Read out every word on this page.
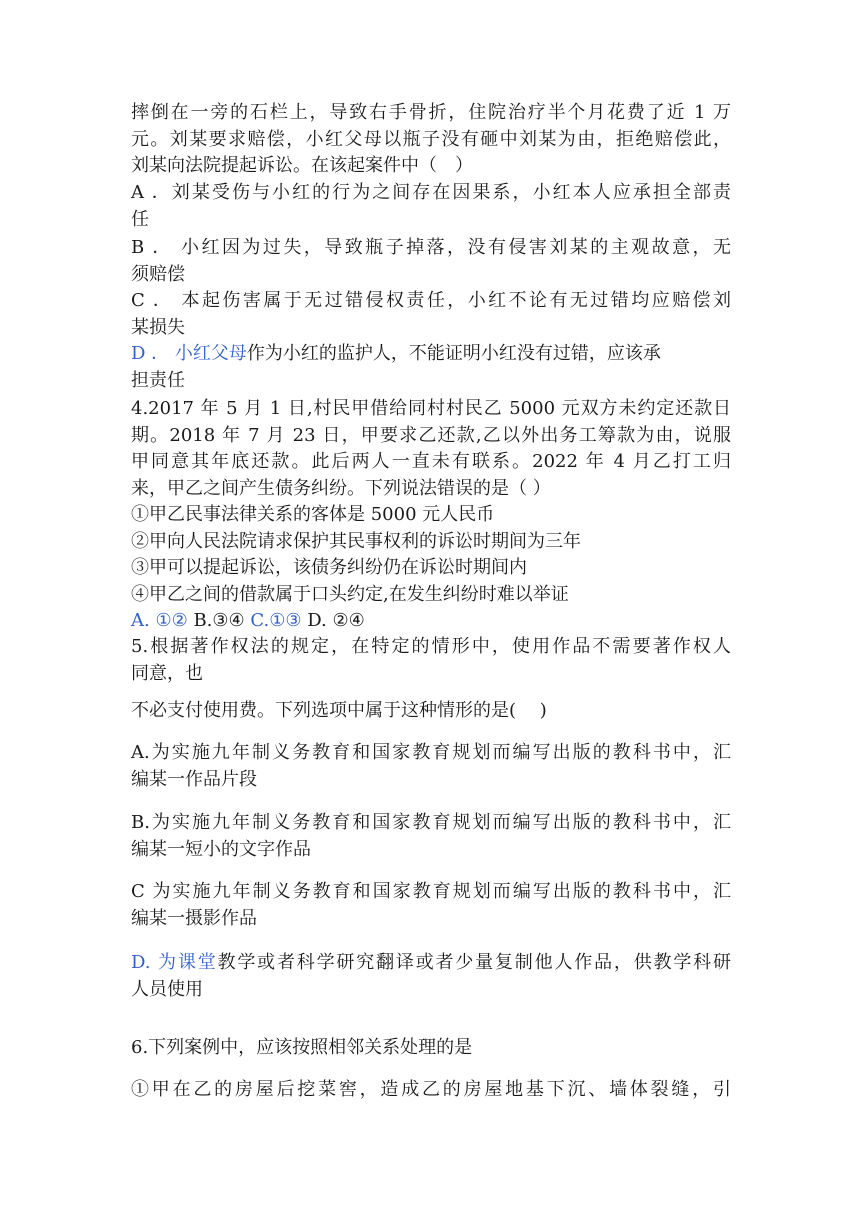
摔倒在一旁的石栏上，导致右手骨折，住院治疗半个月花费了近 1 万
元。刘某要求赔偿，小红父母以瓶子没有砸中刘某为由，拒绝赔偿此，
刘某向法院提起诉讼。在该起案件中（　）
A ．刘某受伤与小红的行为之间存在因果系，小红本人应承担全部责
任
B ． 小红因为过失，导致瓶子掉落，没有侵害刘某的主观故意，无
须赔偿
C ． 本起伤害属于无过错侵权责任，小红不论有无过错均应赔偿刘
某损失
D ． 小红父母作为小红的监护人，不能证明小红没有过错，应该承
担责任
4.2017 年 5 月 1 日,村民甲借给同村村民乙 5000 元双方未约定还款日
期。2018 年 7 月 23 日，甲要求乙还款,乙以外出务工筹款为由，说服
甲同意其年底还款。此后两人一直未有联系。2022 年 4 月乙打工归
来，甲乙之间产生债务纠纷。下列说法错误的是（ ）
①甲乙民事法律关系的客体是 5000 元人民币
②甲向人民法院请求保护其民事权利的诉讼时期间为三年
③甲可以提起诉讼，该债务纠纷仍在诉讼时期间内
④甲乙之间的借款属于口头约定,在发生纠纷时难以举证
A. ①② B.③④ C.①③ D. ②④
5.根据著作权法的规定，在特定的情形中，使用作品不需要著作权人
同意，也
不必支付使用费。下列选项中属于这种情形的是(　 )
A.为实施九年制义务教育和国家教育规划而编写出版的教科书中，汇
编某一作品片段
B.为实施九年制义务教育和国家教育规划而编写出版的教科书中，汇
编某一短小的文字作品
C 为实施九年制义务教育和国家教育规划而编写出版的教科书中，汇
编某一摄影作品
D. 为课堂教学或者科学研究翻译或者少量复制他人作品，供教学科研
人员使用
6.下列案例中，应该按照相邻关系处理的是
①甲在乙的房屋后挖菜窖，造成乙的房屋地基下沉、墙体裂缝，引
